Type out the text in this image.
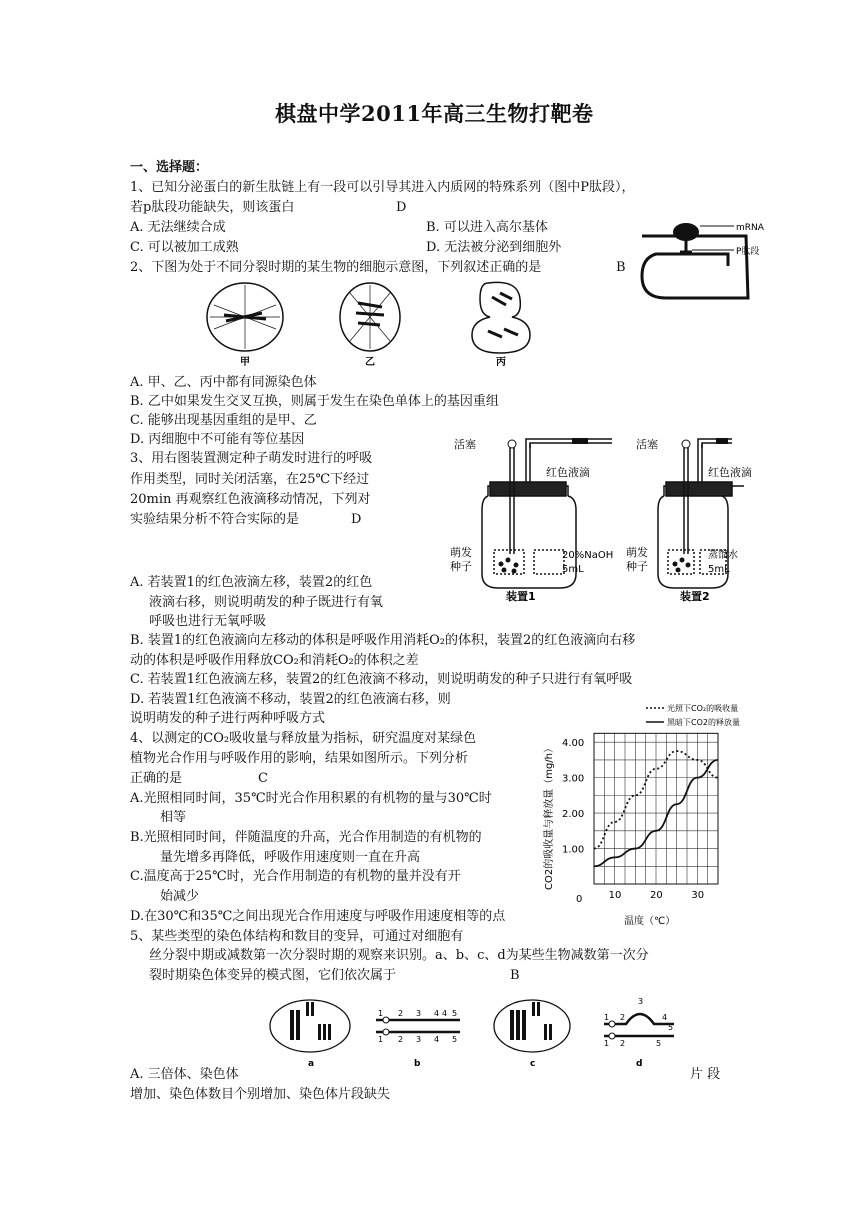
棋盘中学2011年高三生物打靶卷
一、选择题：
1、已知分泌蛋白的新生肽链上有一段可以引导其进入内质网的特殊系列（图中P肽段），
若p肽段功能缺失，则该蛋白	D
A. 无法继续合成	B. 可以进入高尔基体
C. 可以被加工成熟	D. 无法被分泌到细胞外
mRNA
P肽段
2、下图为处于不同分裂时期的某生物的细胞示意图，下列叙述正确的是	B
甲	乙	丙
A. 甲、乙、丙中都有同源染色体
B. 乙中如果发生交叉互换，则属于发生在染色单体上的基因重组
C. 能够出现基因重组的是甲、乙
D. 丙细胞中不可能有等位基因
3、用右图装置测定种子萌发时进行的呼吸
作用类型，同时关闭活塞，在25℃下经过
20min 再观察红色液滴移动情况，下列对
实验结果分析不符合实际的是	D
活塞	活塞
红色液滴	红色液滴
萌发
种子
萌发
种子
20%NaOH
5mL
蒸馏水
5mL
装置1	装置2
A. 若装置1的红色液滴左移，装置2的红色
液滴右移，则说明萌发的种子既进行有氧
呼吸也进行无氧呼吸
B. 装置1的红色液滴向左移动的体积是呼吸作用消耗O₂的体积，装置2的红色液滴向右移
动的体积是呼吸作用释放CO₂和消耗O₂的体积之差
C. 若装置1红色液滴左移，装置2的红色液滴不移动，则说明萌发的种子只进行有氧呼吸
D. 若装置1红色液滴不移动，装置2的红色液滴右移，则
说明萌发的种子进行两种呼吸方式
4、以测定的CO₂吸收量与释放量为指标，研究温度对某绿色
植物光合作用与呼吸作用的影响，结果如图所示。下列分析
正确的是	C
A.光照相同时间，35℃时光合作用积累的有机物的量与30℃时
相等
B.光照相同时间，伴随温度的升高，光合作用制造的有机物的
量先增多再降低，呼吸作用速度则一直在升高
C.温度高于25℃时，光合作用制造的有机物的量并没有开
始减少
D.在30℃和35℃之间出现光合作用速度与呼吸作用速度相等的点
10	20	30
1.00
2.00
3.00
4.00
CO2的吸收量与释放量（mg/h）
温度（℃）
0
光照下CO₂的吸收量
黑暗下CO2的释放量
5、某些类型的染色体结构和数目的变异，可通过对细胞有
丝分裂中期或减数第一次分裂时期的观察来识别。a、b、c、d为某些生物减数第一次分
裂时期染色体变异的模式图，它们依次属于	B
a
1 2 3 4 4 5
1 2 3 4 5
b	c
1 2
3
4
5
1 2	5
d
A. 三倍体、染色体	片 段
增加、染色体数目个别增加、染色体片段缺失
